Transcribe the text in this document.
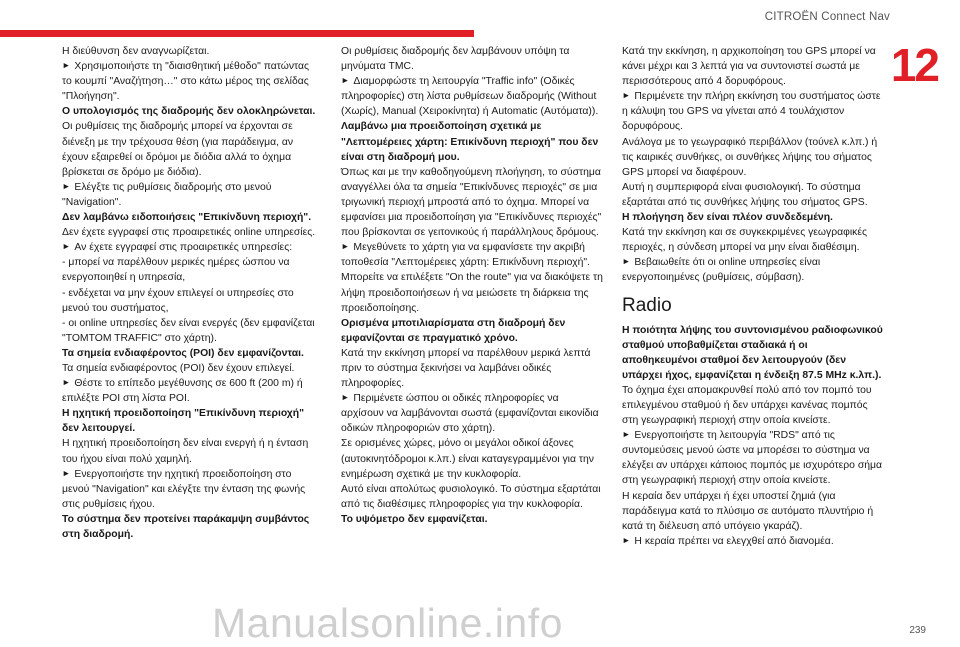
CITROËN Connect Nav
12

Η διεύθυνση δεν αναγνωρίζεται.

► Χρησιμοποιήστε τη "διαισθητική μέθοδο" πατώντας το κουμπί "Αναζήτηση…" στο κάτω μέρος της σελίδας "Πλοήγηση".

Ο υπολογισμός της διαδρομής δεν ολοκληρώνεται.

Οι ρυθμίσεις της διαδρομής μπορεί να έρχονται σε διένεξη με την τρέχουσα θέση (για παράδειγμα, αν έχουν εξαιρεθεί οι δρόμοι με διόδια αλλά το όχημα βρίσκεται σε δρόμο με διόδια).

► Ελέγξτε τις ρυθμίσεις διαδρομής στο μενού "Navigation".

Δεν λαμβάνω ειδοποιήσεις "Επικίνδυνη περιοχή".

Δεν έχετε εγγραφεί στις προαιρετικές online υπηρεσίες.

► Αν έχετε εγγραφεί στις προαιρετικές υπηρεσίες:

- μπορεί να παρέλθουν μερικές ημέρες ώσπου να ενεργοποιηθεί η υπηρεσία,

- ενδέχεται να μην έχουν επιλεγεί οι υπηρεσίες στο μενού του συστήματος,

- οι online υπηρεσίες δεν είναι ενεργές (δεν εμφανίζεται "TOMTOM TRAFFIC" στο χάρτη).

Τα σημεία ενδιαφέροντος (POI) δεν εμφανίζονται.

Τα σημεία ενδιαφέροντος (POI) δεν έχουν επιλεγεί.

► Θέστε το επίπεδο μεγέθυνσης σε 600 ft (200 m) ή επιλέξτε POI στη λίστα POI.

Η ηχητική προειδοποίηση "Επικίνδυνη περιοχή" δεν λειτουργεί.

Η ηχητική προειδοποίηση δεν είναι ενεργή ή η ένταση του ήχου είναι πολύ χαμηλή.

► Ενεργοποιήστε την ηχητική προειδοποίηση στο μενού "Navigation" και ελέγξτε την ένταση της φωνής στις ρυθμίσεις ήχου.

Το σύστημα δεν προτείνει παράκαμψη συμβάντος στη διαδρομή.

Οι ρυθμίσεις διαδρομής δεν λαμβάνουν υπόψη τα μηνύματα TMC.

► Διαμορφώστε τη λειτουργία "Traffic info" (Οδικές πληροφορίες) στη λίστα ρυθμίσεων διαδρομής (Without (Χωρίς), Manual (Χειροκίνητα) ή Automatic (Αυτόματα)).

Λαμβάνω μια προειδοποίηση σχετικά με "Λεπτομέρειες χάρτη: Επικίνδυνη περιοχή" που δεν είναι στη διαδρομή μου.

Όπως και με την καθοδηγούμενη πλοήγηση, το σύστημα αναγγέλλει όλα τα σημεία "Επικίνδυνες περιοχές" σε μια τριγωνική περιοχή μπροστά από το όχημα. Μπορεί να εμφανίσει μια προειδοποίηση για "Επικίνδυνες περιοχές" που βρίσκονται σε γειτονικούς ή παράλληλους δρόμους.

► Μεγεθύνετε το χάρτη για να εμφανίσετε την ακριβή τοποθεσία "Λεπτομέρειες χάρτη: Επικίνδυνη περιοχή". Μπορείτε να επιλέξετε "On the route" για να διακόψετε τη λήψη προειδοποιήσεων ή να μειώσετε τη διάρκεια της προειδοποίησης.

Ορισμένα μποτιλιαρίσματα στη διαδρομή δεν εμφανίζονται σε πραγματικό χρόνο.

Κατά την εκκίνηση μπορεί να παρέλθουν μερικά λεπτά πριν το σύστημα ξεκινήσει να λαμβάνει οδικές πληροφορίες.

► Περιμένετε ώσπου οι οδικές πληροφορίες να αρχίσουν να λαμβάνονται σωστά (εμφανίζονται εικονίδια οδικών πληροφοριών στο χάρτη).

Σε ορισμένες χώρες, μόνο οι μεγάλοι οδικοί άξονες (αυτοκινητόδρομοι κ.λπ.) είναι καταγεγραμμένοι για την ενημέρωση σχετικά με την κυκλοφορία.

Αυτό είναι απολύτως φυσιολογικό. Το σύστημα εξαρτάται από τις διαθέσιμες πληροφορίες για την κυκλοφορία.

Το υψόμετρο δεν εμφανίζεται.

Κατά την εκκίνηση, η αρχικοποίηση του GPS μπορεί να κάνει μέχρι και 3 λεπτά για να συντονιστεί σωστά με περισσότερους από 4 δορυφόρους.

► Περιμένετε την πλήρη εκκίνηση του συστήματος ώστε η κάλυψη του GPS να γίνεται από 4 τουλάχιστον δορυφόρους.

Ανάλογα με το γεωγραφικό περιβάλλον (τούνελ κ.λπ.) ή τις καιρικές συνθήκες, οι συνθήκες λήψης του σήματος GPS μπορεί να διαφέρουν.

Αυτή η συμπεριφορά είναι φυσιολογική. Το σύστημα εξαρτάται από τις συνθήκες λήψης του σήματος GPS.

Η πλοήγηση δεν είναι πλέον συνδεδεμένη.

Κατά την εκκίνηση και σε συγκεκριμένες γεωγραφικές περιοχές, η σύνδεση μπορεί να μην είναι διαθέσιμη.

► Βεβαιωθείτε ότι οι online υπηρεσίες είναι ενεργοποιημένες (ρυθμίσεις, σύμβαση).

Radio

Η ποιότητα λήψης του συντονισμένου ραδιοφωνικού σταθμού υποβαθμίζεται σταδιακά ή οι αποθηκευμένοι σταθμοί δεν λειτουργούν (δεν υπάρχει ήχος, εμφανίζεται η ένδειξη 87.5 MHz κ.λπ.).

Το όχημα έχει απομακρυνθεί πολύ από τον πομπό του επιλεγμένου σταθμού ή δεν υπάρχει κανένας πομπός στη γεωγραφική περιοχή στην οποία κινείστε.

► Ενεργοποιήστε τη λειτουργία "RDS" από τις συντομεύσεις μενού ώστε να μπορέσει το σύστημα να ελέγξει αν υπάρχει κάποιος πομπός με ισχυρότερο σήμα στη γεωγραφική περιοχή στην οποία κινείστε.

Η κεραία δεν υπάρχει ή έχει υποστεί ζημιά (για παράδειγμα κατά το πλύσιμο σε αυτόματο πλυντήριο ή κατά τη διέλευση από υπόγειο γκαράζ).

► Η κεραία πρέπει να ελεγχθεί από διανομέα.

Manualsonline.info	239
